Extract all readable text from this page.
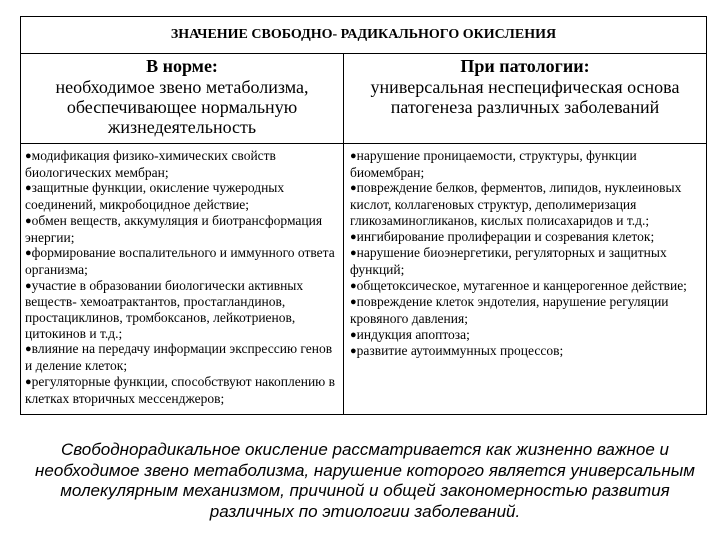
ЗНАЧЕНИЕ СВОБОДНО- РАДИКАЛЬНОГО ОКИСЛЕНИЯ
В норме:
необходимое звено метаболизма, обеспечивающее нормальную жизнедеятельность
При патологии:
универсальная неспецифическая основа патогенеза различных заболеваний
●модификация физико-химических свойств биологических мембран;
●защитные функции, окисление чужеродных соединений, микробоцидное действие;
●обмен веществ, аккумуляция и биотрансформация энергии;
●формирование воспалительного и иммунного ответа организма;
●участие в образовании биологически активных веществ- хемоатрактантов, простагландинов, простациклинов, тромбоксанов, лейкотриенов, цитокинов и т.д.;
●влияние на передачу информации экспрессию генов и деление клеток;
●регуляторные функции, способствуют накоплению в клетках вторичных мессенджеров;
●нарушение проницаемости, структуры, функции биомембран;
●повреждение белков, ферментов, липидов, нуклеиновых кислот, коллагеновых структур, деполимеризация гликозаминогликанов, кислых полисахаридов и т.д.;
●ингибирование пролиферации и созревания клеток;
●нарушение биоэнергетики, регуляторных и защитных функций;
●общетоксическое, мутагенное и канцерогенное действие;
●повреждение клеток эндотелия, нарушение регуляции кровяного давления;
●индукция апоптоза;
●развитие аутоиммунных процессов;
Свободнорадикальное окисление рассматривается как жизненно важное и необходимое звено метаболизма, нарушение которого является универсальным молекулярным механизмом, причиной и общей закономерностью развития различных по этиологии заболеваний.
